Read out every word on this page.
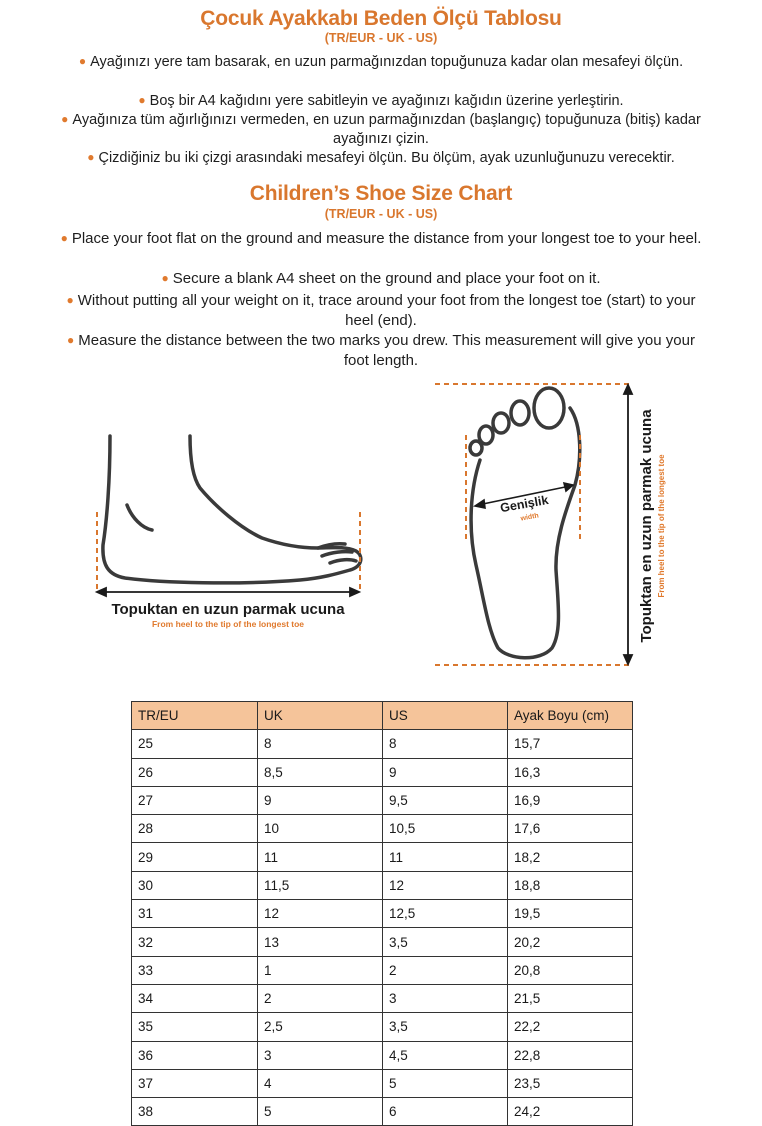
Çocuk Ayakkabı Beden Ölçü Tablosu
(TR/EUR - UK - US)
● Ayağınızı yere tam basarak, en uzun parmağınızdan topuğunuza kadar olan mesafeyi ölçün.
● Boş bir A4 kağıdını yere sabitleyin ve ayağınızı kağıdın üzerine yerleştirin.
● Ayağınıza tüm ağırlığınızı vermeden, en uzun parmağınızdan (başlangıç) topuğunuza (bitiş) kadar ayağınızı çizin.
● Çizdiğiniz bu iki çizgi arasındaki mesafeyi ölçün. Bu ölçüm, ayak uzunluğunuzu verecektir.
Children’s Shoe Size Chart
(TR/EUR - UK - US)
● Place your foot flat on the ground and measure the distance from your longest toe to your heel.
● Secure a blank A4 sheet on the ground and place your foot on it.
● Without putting all your weight on it, trace around your foot from the longest toe (start) to your heel (end).
● Measure the distance between the two marks you drew. This measurement will give you your foot length.
Topuktan en uzun parmak ucuna
From heel to the tip of the longest toe
Genişlik
width	Topuktan en uzun parmak ucuna From heel to the tip of the longest toe
TR/EU	UK	US	Ayak Boyu (cm)
25	8	8	15,7
26	8,5	9	16,3
27	9	9,5	16,9
28	10	10,5	17,6
29	11	11	18,2
30	11,5	12	18,8
31	12	12,5	19,5
32	13	3,5	20,2
33	1	2	20,8
34	2	3	21,5
35	2,5	3,5	22,2
36	3	4,5	22,8
37	4	5	23,5
38	5	6	24,2
